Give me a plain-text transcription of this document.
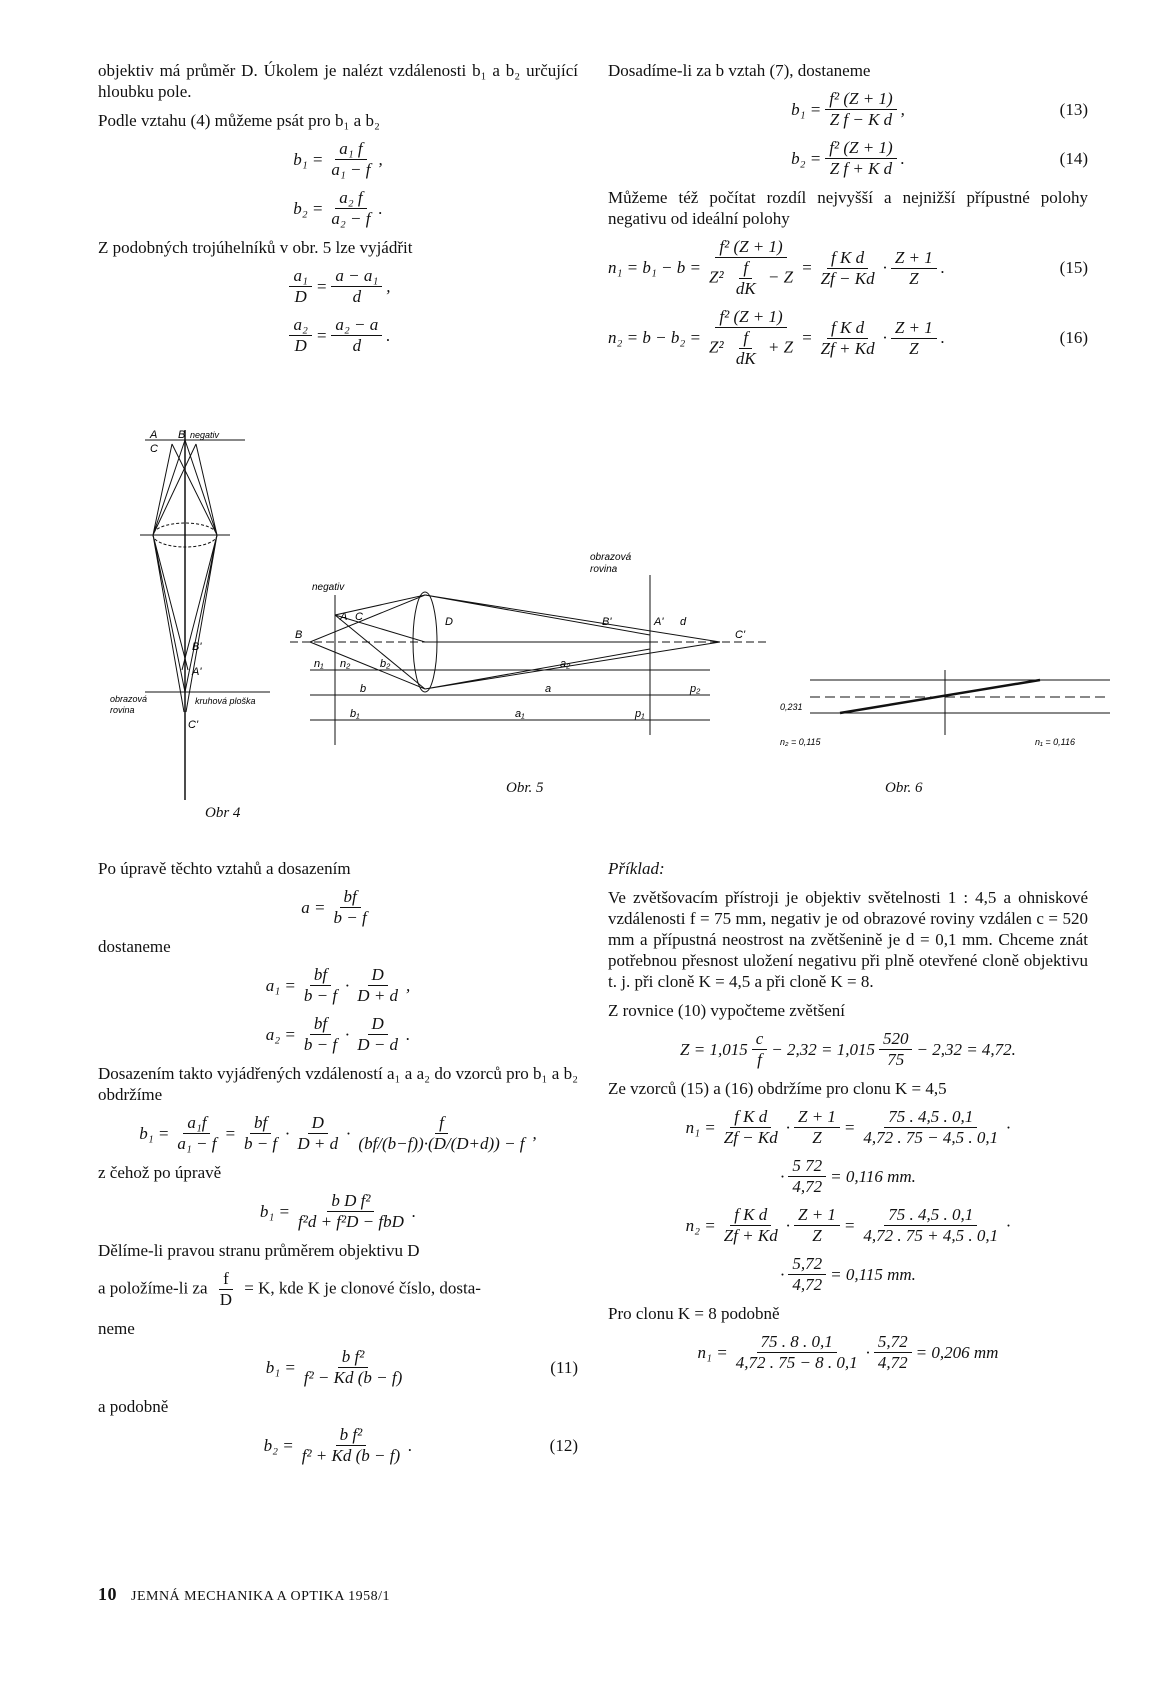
objektiv má průměr D. Úkolem je nalézt vzdálenosti b₁ a b₂ určující hloubku pole.

Podle vztahu (4) můžeme psát pro b₁ a b₂

$b_1 = \frac{\text{a₁ f}}{\text{a₁ − f}}$ ,
$b_2 = \frac{\text{a₂ f}}{\text{a₂ − f}}$ .

Z podobných trojúhelníků v obr. 5 lze vyjádřit

$\frac{\text{a₁}}{D} = \frac{\text{a − a₁}}{d}$ ,
$\frac{\text{a₂}}{D} = \frac{\text{a₂ − a}}{d}$ .

Dosadíme-li za b vztah (7), dostaneme

$b_1 = \frac{\text{f² (Z + 1)}}{\text{Z f − K d}}$ ,	(13)
$b_2 = \frac{\text{f² (Z + 1)}}{\text{Z f + K d}}$ .	(14)

Můžeme též počítat rozdíl nejvyšší a nejnižší přípustné polohy negativu od ideální polohy

$n_1 = b_1 - b = \frac{\text{f² (Z + 1)}}{Z^2 \frac{f}{dK} - Z} = \frac{\text{f K d}}{Zf - Kd} \cdot \frac{Z + 1}{Z}$ .	(15)
$n_2 = b - b_2 = \frac{\text{f² (Z + 1)}}{Z^2 \frac{f}{dK} + Z} = \frac{\text{f K d}}{Zf + Kd} \cdot \frac{Z + 1}{Z}$ .	(16)
A B negativ
C
B'
A'
obrazová
rovina
kruhová ploška
C'
Obr 4
negativ
A
B
C	D
obrazová
rovina
B'	A' d
C'
n₁ n₂	b₂	a₂
b	a	p₂
b₁	a₁	p₁
Obr. 5
0,231
n₂ = 0,115	n₁ = 0,116
Obr. 6

Po úpravě těchto vztahů a dosazením

$a = \frac{bf}{b - f}$

dostaneme

$a_1 = \frac{bf}{b - f} \cdot \frac{D}{D + d}$ ,
$a_2 = \frac{bf}{b - f} \cdot \frac{D}{D - d}$ .

Dosazením takto vyjádřených vzdáleností a₁ a a₂ do vzorců pro b₁ a b₂ obdržíme

$b_1 = \frac{\text{a₁f}}{\text{a₁ − f}} = \frac{bf}{b - f} \cdot \frac{D}{D + d} \cdot \frac{f}{(bf/(b-f))\cdot(D/(D+d)) - f}$ ,

z čehož po úpravě

$b_1 = \frac{\text{b D f²}}{\text{f²d + f²D − fbD}}$ .

Dělíme-li pravou stranu průměrem objektivu D

a položíme-li za $\frac{f}{D} = K$, kde K je clonové číslo, dosta-

neme

$b_1 = \frac{\text{b f²}}{\text{f² − Kd (b − f)}}$	(11)

a podobně

$b_2 = \frac{\text{b f²}}{\text{f² + Kd (b − f)}}$ .	(12)

Příklad:

Ve zvětšovacím přístroji je objektiv světelnosti 1 : 4,5 a ohniskové vzdálenosti f = 75 mm, negativ je od obrazové roviny vzdálen c = 520 mm a přípustná neostrost na zvětšenině je d = 0,1 mm. Chceme znát potřebnou přesnost uložení negativu při plně otevřené cloně objektivu t. j. při cloně K = 4,5 a při cloně K = 8.

Z rovnice (10) vypočteme zvětšení

$Z = 1,015 \frac{c}{f} - 2,32 = 1,015 \frac{520}{75} - 2,32 = 4,72$.

Ze vzorců (15) a (16) obdržíme pro clonu K = 4,5

$n_1 = \frac{\text{f K d}}{Zf - Kd} \cdot \frac{Z + 1}{Z} = \frac{75 . 4,5 . 0,1}{4,72 . 75 - 4,5 . 0,1}$ ·
· $\frac{5 72}{4,72} = 0,116$ mm.
$n_2 = \frac{\text{f K d}}{Zf + Kd} \cdot \frac{Z + 1}{Z} = \frac{75 . 4,5 . 0,1}{4,72 . 75 + 4,5 . 0,1}$ ·
· $\frac{5,72}{4,72} = 0,115$ mm.

Pro clonu K = 8 podobně

$n_1 = \frac{75 . 8 . 0,1}{4,72 . 75 - 8 . 0,1} \cdot \frac{5,72}{4,72} = 0,206$ mm
10 JEMNÁ MECHANIKA A OPTIKA 1958/1
